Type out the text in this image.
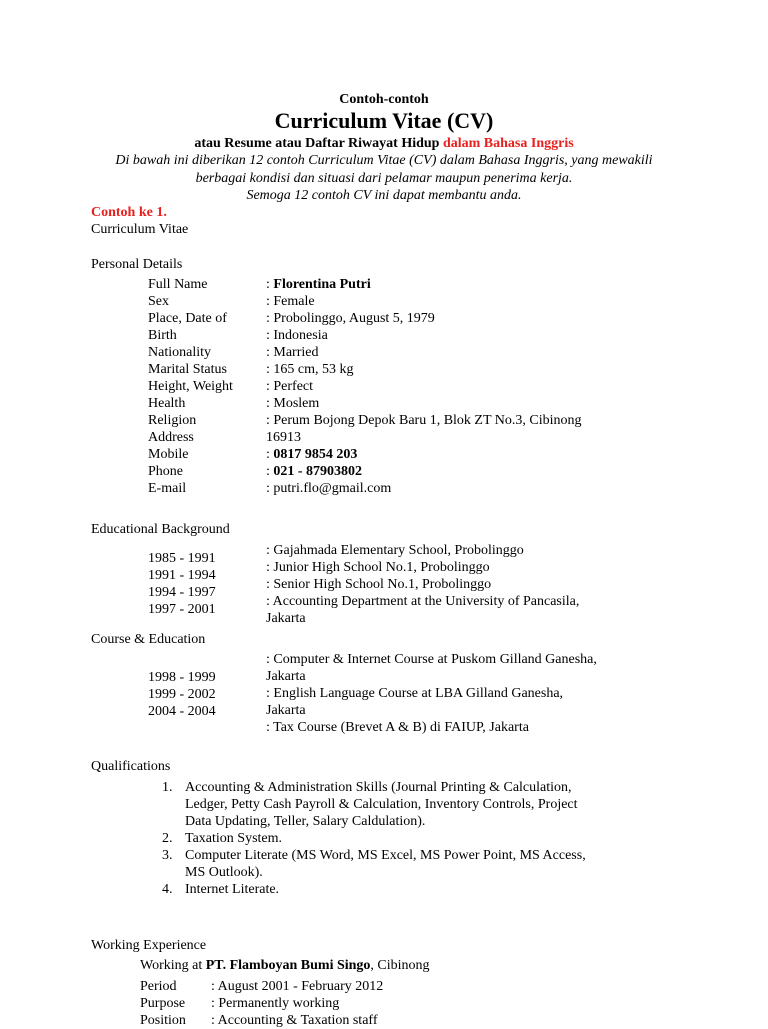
Contoh-contoh
Curriculum Vitae (CV)
atau Resume atau Daftar Riwayat Hidup dalam Bahasa Inggris
Di bawah ini diberikan 12 contoh Curriculum Vitae (CV) dalam Bahasa Inggris, yang mewakili
berbagai kondisi dan situasi dari pelamar maupun penerima kerja.
Semoga 12 contoh CV ini dapat membantu anda.
Contoh ke 1.
Curriculum Vitae
Personal Details
Full Name
Sex
Place, Date of
Birth
Nationality
Marital Status
Height, Weight
Health
Religion
Address
Mobile
Phone
E-mail
: Florentina Putri
: Female
: Probolinggo, August 5, 1979
: Indonesia
: Married
: 165 cm, 53 kg
: Perfect
: Moslem
: Perum Bojong Depok Baru 1, Blok ZT No.3, Cibinong
16913
: 0817 9854 203
: 021 - 87903802
: putri.flo@gmail.com
Educational Background
1985 - 1991
1991 - 1994
1994 - 1997
1997 - 2001
: Gajahmada Elementary School, Probolinggo
: Junior High School No.1, Probolinggo
: Senior High School No.1, Probolinggo
: Accounting Department at the University of Pancasila,
Jakarta
Course & Education
1998 - 1999
1999 - 2002
2004 - 2004
: Computer & Internet Course at Puskom Gilland Ganesha,
Jakarta
: English Language Course at LBA Gilland Ganesha,
Jakarta
: Tax Course (Brevet A & B) di FAIUP, Jakarta
Qualifications
1.

2.
3.

4.
Accounting & Administration Skills (Journal Printing & Calculation,
Ledger, Petty Cash Payroll & Calculation, Inventory Controls, Project
Data Updating, Teller, Salary Caldulation).
Taxation System.
Computer Literate (MS Word, MS Excel, MS Power Point, MS Access,
MS Outlook).
Internet Literate.
Working Experience
Working at PT. Flamboyan Bumi Singo, Cibinong
Period
Purpose
Position
: August 2001 - February 2012
: Permanently working
: Accounting & Taxation staff
